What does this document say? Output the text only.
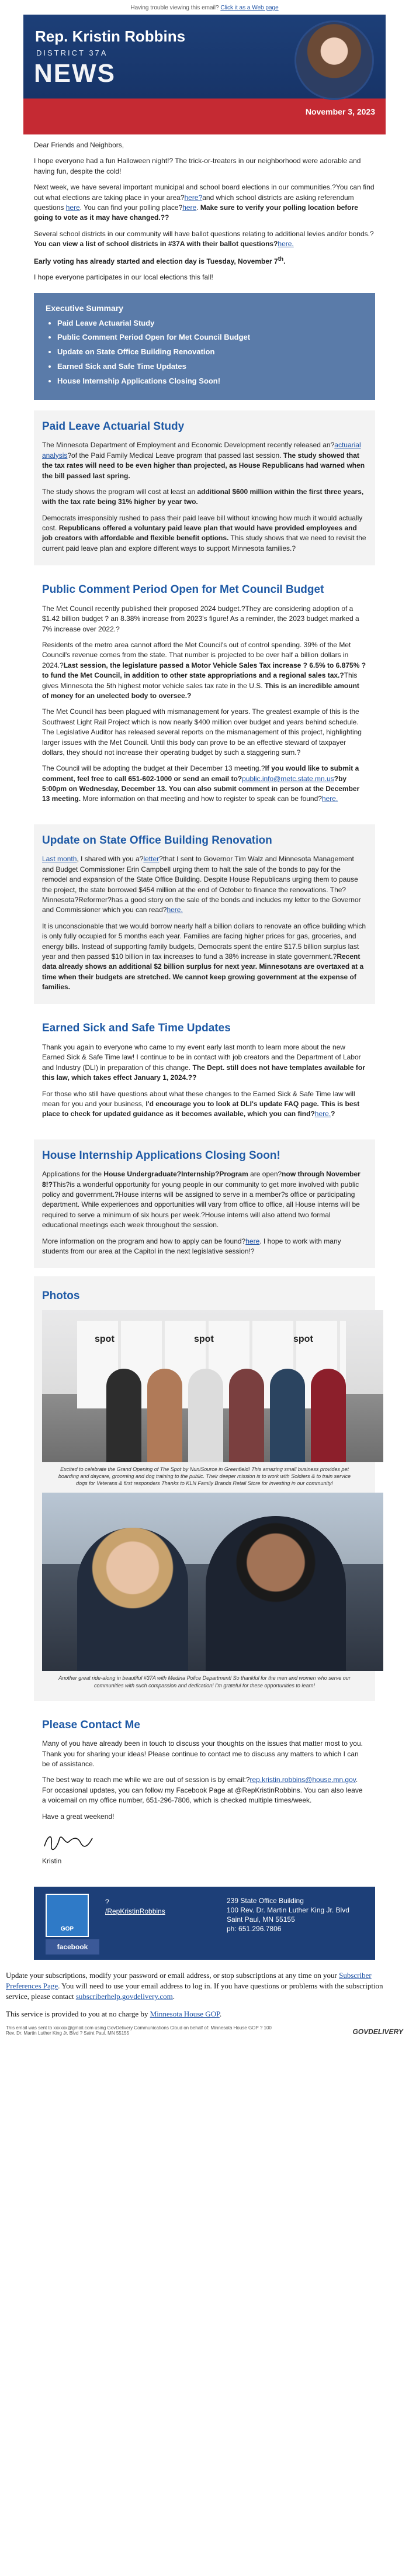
Having trouble viewing this email? Click it as a Web page
Rep. Kristin Robbins
DISTRICT 37A
NEWS
November 3, 2023

Dear Friends and Neighbors,

I hope everyone had a fun Halloween night!? The trick-or-treaters in our neighborhood were adorable and having fun, despite the cold!

Next week, we have several important municipal and school board elections in our communities.?You can find out what elections are taking place in your area?here?and which school districts are asking referendum questions here. You can find your polling place?here. Make sure to verify your polling location before going to vote as it may have changed.??

Several school districts in our community will have ballot questions relating to additional levies and/or bonds.?You can view a list of school districts in #37A with their ballot questions?here.

Early voting has already started and election day is Tuesday, November 7th.

I hope everyone participates in our local elections this fall!

Executive Summary
• Paid Leave Actuarial Study
• Public Comment Period Open for Met Council Budget
• Update on State Office Building Renovation
• Earned Sick and Safe Time Updates
• House Internship Applications Closing Soon!
Paid Leave Actuarial Study

The Minnesota Department of Employment and Economic Development recently released an?actuarial analysis?of the Paid Family Medical Leave program that passed last session. The study showed that the tax rates will need to be even higher than projected, as House Republicans had warned when the bill passed last spring.

The study shows the program will cost at least an additional $600 million within the first three years, with the tax rate being 31% higher by year two.

Democrats irresponsibly rushed to pass their paid leave bill without knowing how much it would actually cost. Republicans offered a voluntary paid leave plan that would have provided employees and job creators with affordable and flexible benefit options. This study shows that we need to revisit the current paid leave plan and explore different ways to support Minnesota families.?

Public Comment Period Open for Met Council Budget

The Met Council recently published their proposed 2024 budget.?They are considering adoption of a $1.42 billion budget ? an 8.38% increase from 2023's figure! As a reminder, the 2023 budget marked a 7% increase over 2022.?

Residents of the metro area cannot afford the Met Council's out of control spending. 39% of the Met Council's revenue comes from the state. That number is projected to be over half a billion dollars in 2024.?Last session, the legislature passed a Motor Vehicle Sales Tax increase ? 6.5% to 6.875% ? to fund the Met Council, in addition to other state appropriations and a regional sales tax.?This gives Minnesota the 5th highest motor vehicle sales tax rate in the U.S. This is an incredible amount of money for an unelected body to oversee.?

The Met Council has been plagued with mismanagement for years. The greatest example of this is the Southwest Light Rail Project which is now nearly $400 million over budget and years behind schedule. The Legislative Auditor has released several reports on the mismanagement of this project, highlighting larger issues with the Met Council. Until this body can prove to be an effective steward of taxpayer dollars, they should not increase their operating budget by such a staggering sum.?

The Council will be adopting the budget at their December 13 meeting.?If you would like to submit a comment, feel free to call 651-602-1000 or send an email to?public.info@metc.state.mn.us?by 5:00pm on Wednesday, December 13. You can also submit comment in person at the December 13 meeting. More information on that meeting and how to register to speak can be found?here.

Update on State Office Building Renovation

Last month, I shared with you a?letter?that I sent to Governor Tim Walz and Minnesota Management and Budget Commissioner Erin Campbell urging them to halt the sale of the bonds to pay for the remodel and expansion of the State Office Building. Despite House Republicans urging them to pause the project, the state borrowed $454 million at the end of October to finance the renovations. The? Minnesota?Reformer?has a good story on the sale of the bonds and includes my letter to the Governor and Commissioner which you can read?here.

It is unconscionable that we would borrow nearly half a billion dollars to renovate an office building which is only fully occupied for 5 months each year. Families are facing higher prices for gas, groceries, and energy bills. Instead of supporting family budgets, Democrats spent the entire $17.5 billion surplus last year and then passed $10 billion in tax increases to fund a 38% increase in state government.?Recent data already shows an additional $2 billion surplus for next year. Minnesotans are overtaxed at a time when their budgets are stretched. We cannot keep growing government at the expense of families.

Earned Sick and Safe Time Updates

Thank you again to everyone who came to my event early last month to learn more about the new Earned Sick & Safe Time law! I continue to be in contact with job creators and the Department of Labor and Industry (DLI) in preparation of this change. The Dept. still does not have templates available for this law, which takes effect January 1, 2024.??

For those who still have questions about what these changes to the Earned Sick & Safe Time law will mean for you and your business, I'd encourage you to look at DLI's update FAQ page. This is best place to check for updated guidance as it becomes available, which you can find?here.?

House Internship Applications Closing Soon!

Applications for the House Undergraduate?Internship?Program are open?now through November 8!?This?is a wonderful opportunity for young people in our community to get more involved with public policy and government.?House interns will be assigned to serve in a member?s office or participating department. While experiences and opportunities will vary from office to office, all House interns will be required to serve a minimum of six hours per week.?House interns will also attend two formal educational meetings each week throughout the session.

More information on the program and how to apply can be found?here. I hope to work with many students from our area at the Capitol in the next legislative session!?

Photos
spot	spot	spot
Excited to celebrate the Grand Opening of The Spot by NuniSource in Greenfield! This amazing small business provides pet boarding and daycare, grooming and dog training to the public. Their deeper mission is to work with Soldiers & to train service dogs for Veterans & first responders Thanks to KLN Family Brands Retail Store for investing in our community!
Another great ride-along in beautiful #37A with Medina Police Department! So thankful for the men and women who serve our communities with such compassion and dedication! I'm grateful for these opportunities to learn!
Please Contact Me

Many of you have already been in touch to discuss your thoughts on the issues that matter most to you. Thank you for sharing your ideas! Please continue to contact me to discuss any matters to which I can be of assistance.

The best way to reach me while we are out of session is by email:?rep.kristin.robbins@house.mn.gov. For occasional updates, you can follow my Facebook Page at @RepKristinRobbins. You can also leave a voicemail on my office number, 651-296-7806, which is checked multiple times/week.

Have a great weekend!

Kristin

GOP
facebook
?
/RepKristinRobbins
239 State Office Building
100 Rev. Dr. Martin Luther King Jr. Blvd
Saint Paul, MN 55155
ph: 651.296.7806

Update your subscriptions, modify your password or email address, or stop subscriptions at any time on your Subscriber Preferences Page. You will need to use your email address to log in. If you have questions or problems with the subscription service, please contact subscriberhelp.govdelivery.com.

This service is provided to you at no charge by Minnesota House GOP.

This email was sent to xxxxxx@gmail.com using GovDelivery Communications Cloud on behalf of: Minnesota House GOP ? 100
Rev. Dr. Martin Luther King Jr. Blvd ? Saint Paul, MN 55155	GOVDELIVERY
